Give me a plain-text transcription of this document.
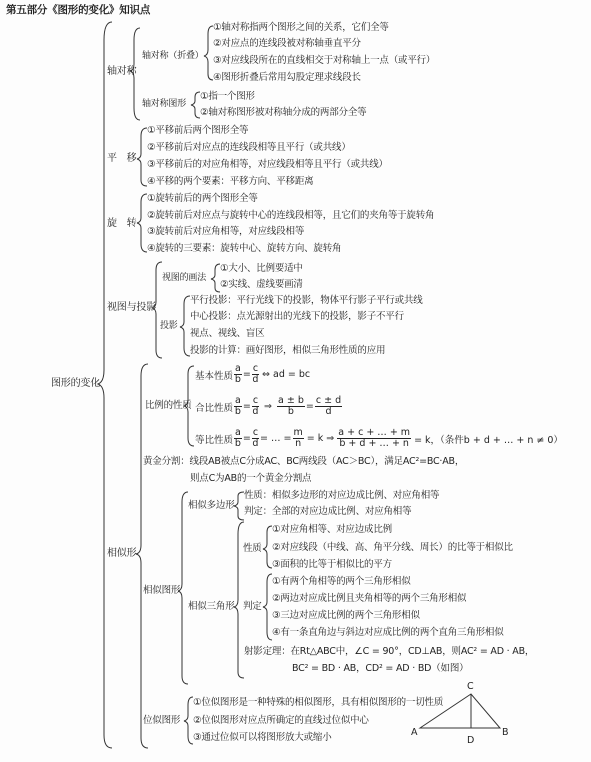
第五部分《图形的变化》知识点
图形的变化
轴对称
轴对称（折叠）
①轴对称指两个图形之间的关系，它们全等
②对应点的连线段被对称轴垂直平分
③对应线段所在的直线相交于对称轴上一点（或平行）
④图形折叠后常用勾股定理求线段长
轴对称图形
①指一个图形
②轴对称图形被对称轴分成的两部分全等
平　移
①平移前后两个图形全等
②平移前后对应点的连线段相等且平行（或共线）
③平移前后的对应角相等，对应线段相等且平行（或共线）
④平移的两个要素：平移方向、平移距离
旋　转
①旋转前后的两个图形全等
②旋转前后对应点与旋转中心的连线段相等，且它们的夹角等于旋转角
③旋转前后对应角相等，对应线段相等
④旋转的三要素：旋转中心、旋转方向、旋转角
视图与投影
视图的画法
①大小、比例要适中
②实线、虚线要画清
投影
平行投影：平行光线下的投影，物体平行影子平行或共线
中心投影：点光源射出的光线下的投影，影子不平行
视点、视线、盲区
投影的计算：画好图形，相似三角形性质的应用
相似形
比例的性质
基本性质 $\frac{a}{b} = \frac{c}{d}$ ⇔ ad = bc
合比性质 $\frac{a}{b} = \frac{c}{d}$ ⇒ $\frac{a \pm b}{b} = \frac{c \pm d}{d}$
等比性质 $\frac{a}{b} = \frac{c}{d}$ = … = $\frac{m}{n} = k$ ⇒ $\frac{a + c + \dots + m}{b + d + \dots + n} = k$，（条件b + d + … + n ≠ 0）
黄金分割：线段AB被点C分成AC、BC两线段（AC＞BC），满足AC²=BC·AB，
则点C为AB的一个黄金分割点
相似图形
相似多边形
性质：相似多边形的对应边成比例、对应角相等
判定：全部的对应边成比例、对应角相等
相似三角形
性质
①对应角相等、对应边成比例
②对应线段（中线、高、角平分线、周长）的比等于相似比
③面积的比等于相似比的平方
判定
①有两个角相等的两个三角形相似
②两边对应成比例且夹角相等的两个三角形相似
③三边对应成比例的两个三角形相似
④有一条直角边与斜边对应成比例的两个直角三角形相似
射影定理：在Rt△ABC中，∠C = 90°，CD⊥AB，则AC² = AD · AB，
BC² = BD · AB，CD² = AD · BD（如图）
位似图形
①位似图形是一种特殊的相似图形，具有相似图形的一切性质
②位似图形对应点所确定的直线过位似中心
③通过位似可以将图形放大或缩小
C
A	B
D
